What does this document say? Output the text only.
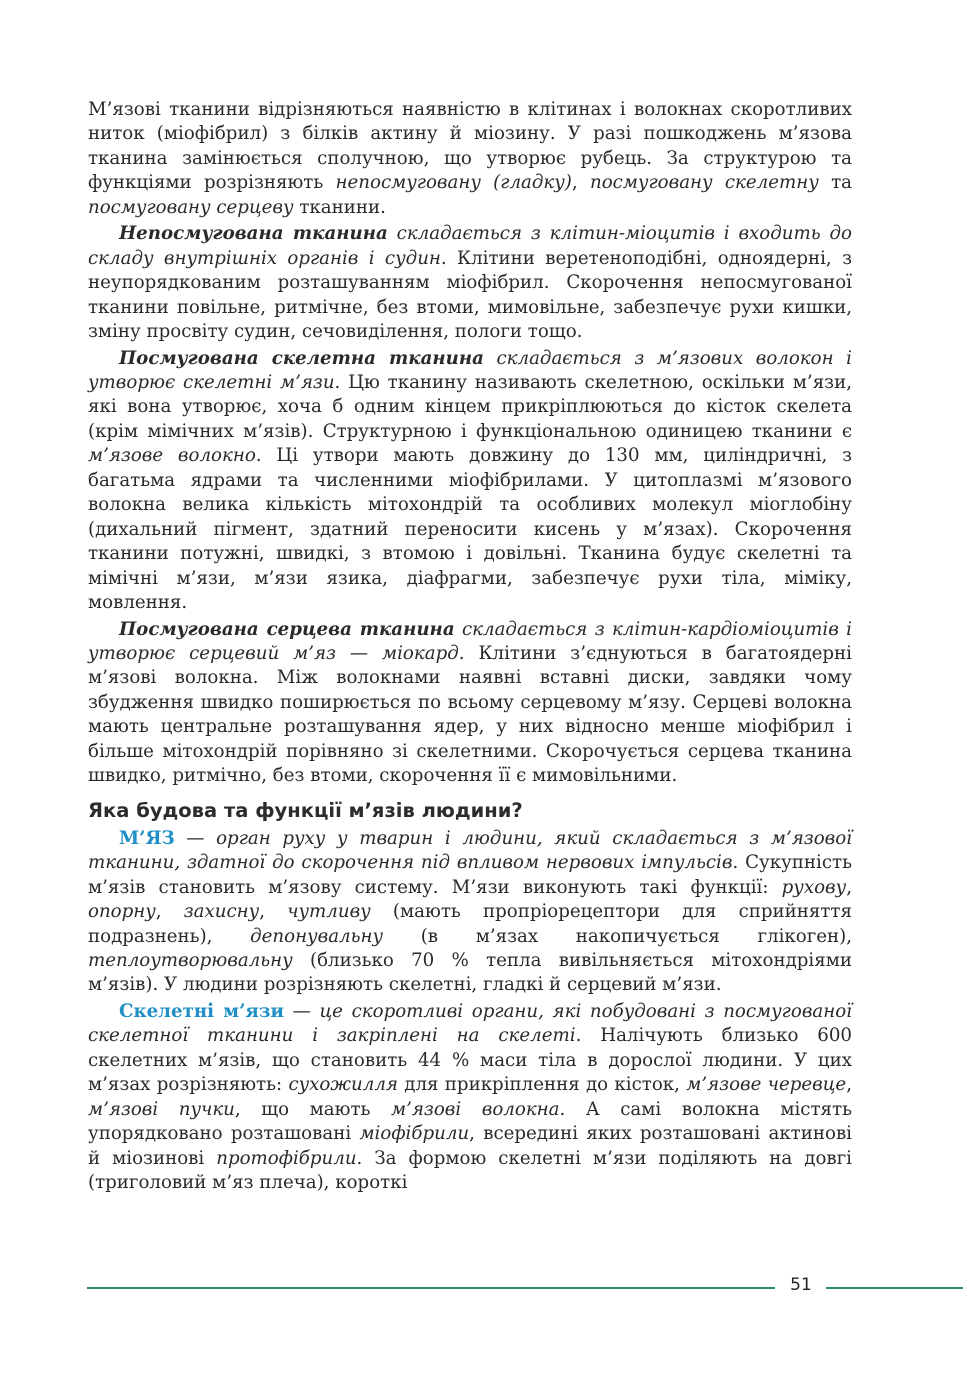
М’язові тканини відрізняються наявністю в клітинах і волокнах скоротливих ниток (міофібрил) з білків актину й міозину. У разі пошкоджень м’язова тканина замінюється сполучною, що утворює рубець. За структурою та функціями розрізняють непосмуговану (гладку), посмуговану скелетну та посмуговану серцеву тканини.

Непосмугована тканина складається з клітин-міоцитів і входить до складу внутрішніх органів і судин. Клітини веретеноподібні, одноядерні, з неупорядкованим розташуванням міофібрил. Скорочення непосмугованої тканини повільне, ритмічне, без втоми, мимовільне, забезпечує рухи кишки, зміну просвіту судин, сечовиділення, пологи тощо.

Посмугована скелетна тканина складається з м’язових волокон і утворює скелетні м’язи. Цю тканину називають скелетною, оскільки м’язи, які вона утворює, хоча б одним кінцем прикріплюються до кісток скелета (крім мімічних м’язів). Структурною і функціональною одиницею тканини є м’язове волокно. Ці утвори мають довжину до 130 мм, циліндричні, з багатьма ядрами та численними міофібрилами. У цитоплазмі м’язового волокна велика кількість мітохондрій та особливих молекул міоглобіну (дихальний пігмент, здатний переносити кисень у м’язах). Скорочення тканини потужні, швидкі, з втомою і довільні. Тканина будує скелетні та мімічні м’язи, м’язи язика, діафрагми, забезпечує рухи тіла, міміку, мовлення.

Посмугована серцева тканина складається з клітин-кардіоміоцитів і утворює серцевий м’яз — міокард. Клітини з’єднуються в багатоядерні м’язові волокна. Між волокнами наявні вставні диски, завдяки чому збудження швидко поширюється по всьому серцевому м’язу. Серцеві волокна мають центральне розташування ядер, у них відносно менше міофібрил і більше мітохондрій порівняно зі скелетними. Скорочується серцева тканина швидко, ритмічно, без втоми, скорочення її є мимовільними.

Яка будова та функції м’язів людини?

М’ЯЗ — орган руху у тварин і людини, який складається з м’язової тканини, здатної до скорочення під впливом нервових імпульсів. Сукупність м’язів становить м’язову систему. М’язи виконують такі функції: рухову, опорну, захисну, чутливу (мають пропріорецептори для сприйняття подразнень), депонувальну (в м’язах накопичується глікоген), теплоутворювальну (близько 70 % тепла вивільняється мітохондріями м’язів). У людини розрізняють скелетні, гладкі й серцевий м’язи.

Скелетні м’язи — це скоротливі органи, які побудовані з посмугованої скелетної тканини і закріплені на скелеті. Налічують близько 600 скелетних м’язів, що становить 44 % маси тіла в дорослої людини. У цих м’язах розрізняють: сухожилля для прикріплення до кісток, м’язове черевце, м’язові пучки, що мають м’язові волокна. А самі волокна містять упорядковано розташовані міофібрили, всередині яких розташовані актинові й міозинові протофібрили. За формою скелетні м’язи поділяють на довгі (триголовий м’яз плеча), короткі

51
